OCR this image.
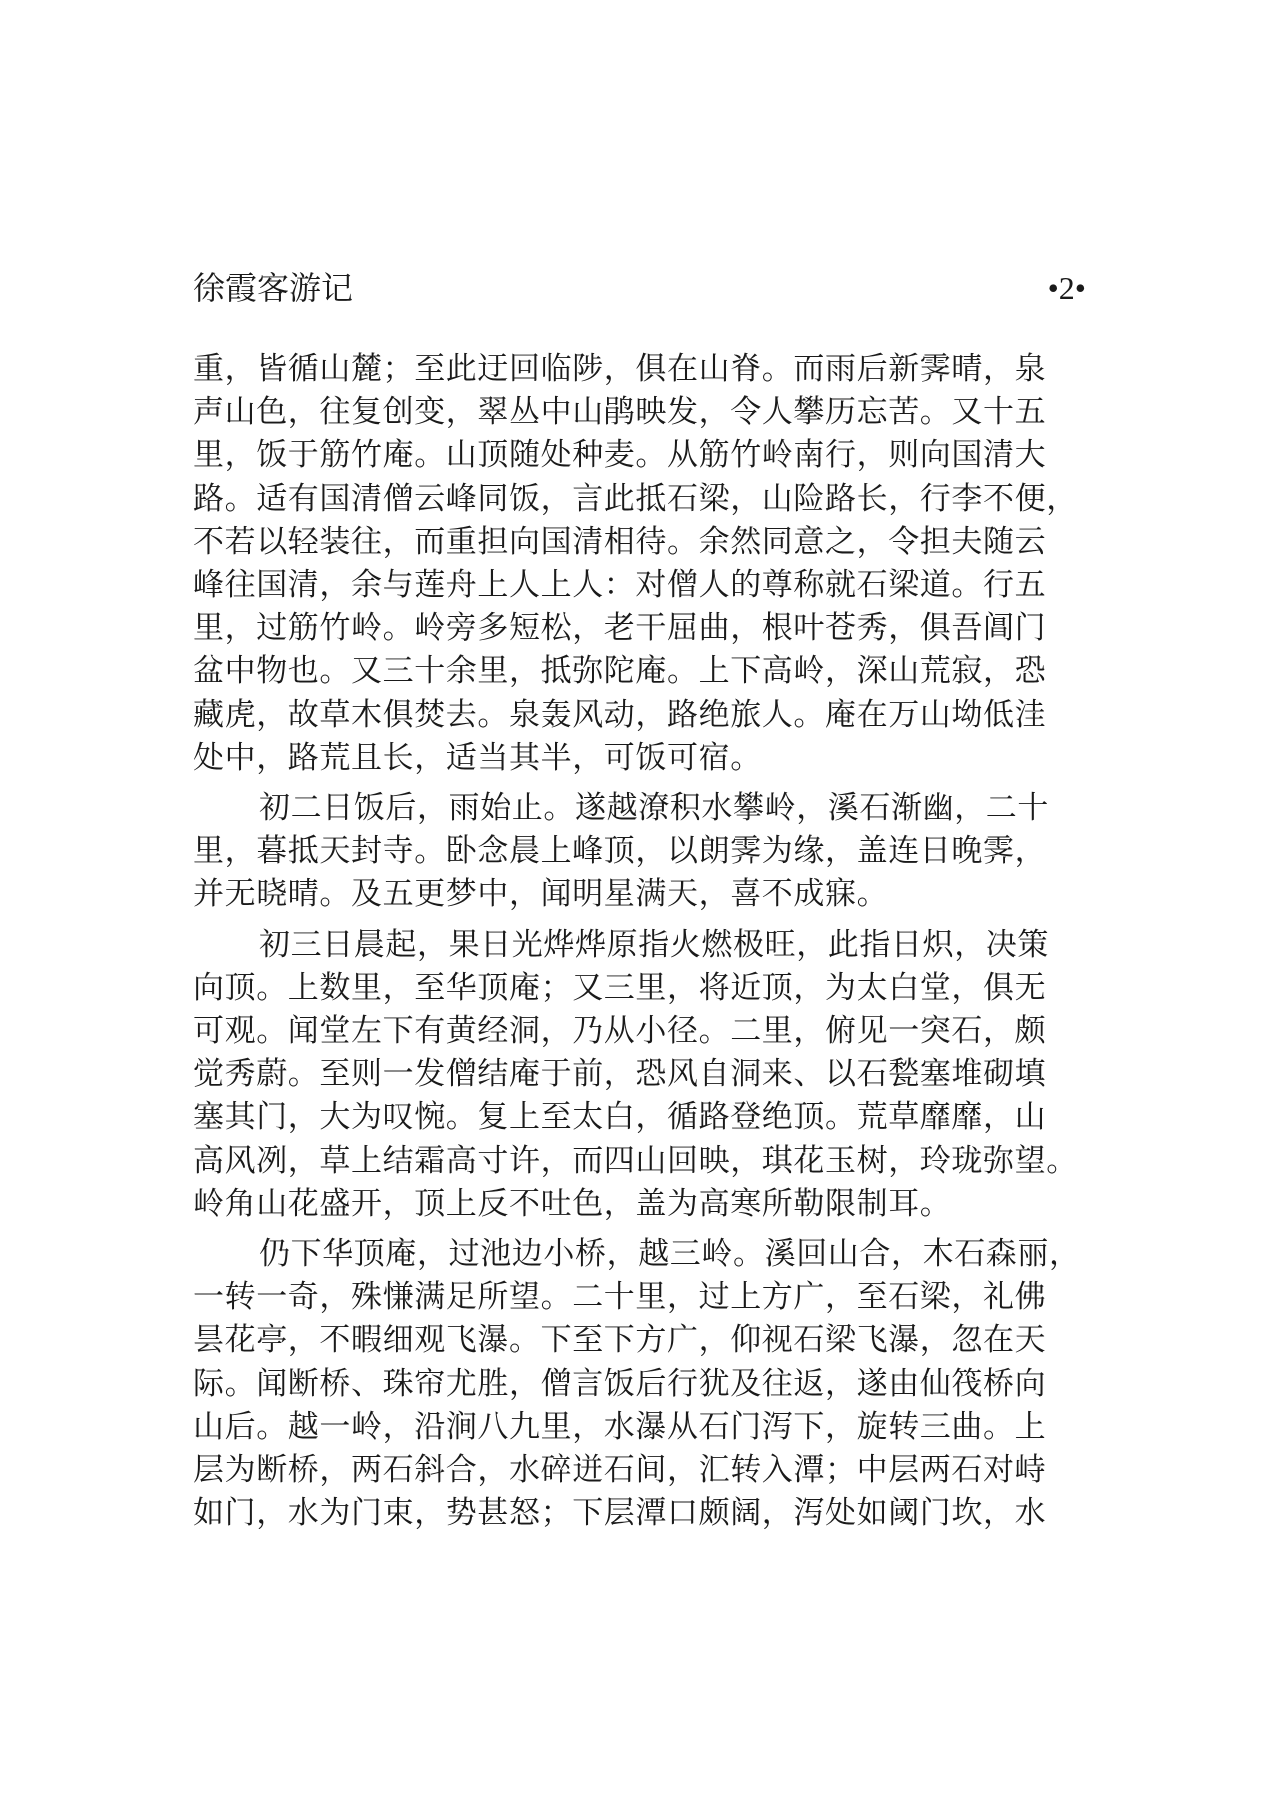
徐霞客游记	•2•

重，皆循山麓；至此迂回临陟，俱在山脊。而雨后新霁晴，泉
声山色，往复创变，翠丛中山鹃映发，令人攀历忘苦。又十五
里，饭于筋竹庵。山顶随处种麦。从筋竹岭南行，则向国清大
路。适有国清僧云峰同饭，言此抵石梁，山险路长，行李不便，
不若以轻装往，而重担向国清相待。余然同意之，令担夫随云
峰往国清，余与莲舟上人上人：对僧人的尊称就石梁道。行五
里，过筋竹岭。岭旁多短松，老干屈曲，根叶苍秀，俱吾阊门
盆中物也。又三十余里，抵弥陀庵。上下高岭，深山荒寂，恐
藏虎，故草木俱焚去。泉轰风动，路绝旅人。庵在万山坳低洼
处中，路荒且长，适当其半，可饭可宿。

初二日饭后，雨始止。遂越潦积水攀岭，溪石渐幽，二十
里，暮抵天封寺。卧念晨上峰顶，以朗霁为缘，盖连日晚霁，
并无晓晴。及五更梦中，闻明星满天，喜不成寐。

初三日晨起，果日光烨烨原指火燃极旺，此指日炽，决策
向顶。上数里，至华顶庵；又三里，将近顶，为太白堂，俱无
可观。闻堂左下有黄经洞，乃从小径。二里，俯见一突石，颇
觉秀蔚。至则一发僧结庵于前，恐风自洞来、以石甃塞堆砌填
塞其门，大为叹惋。复上至太白，循路登绝顶。荒草靡靡，山
高风冽，草上结霜高寸许，而四山回映，琪花玉树，玲珑弥望。
岭角山花盛开，顶上反不吐色，盖为高寒所勒限制耳。

仍下华顶庵，过池边小桥，越三岭。溪回山合，木石森丽，
一转一奇，殊慊满足所望。二十里，过上方广，至石梁，礼佛
昙花亭，不暇细观飞瀑。下至下方广，仰视石梁飞瀑，忽在天
际。闻断桥、珠帘尤胜，僧言饭后行犹及往返，遂由仙筏桥向
山后。越一岭，沿涧八九里，水瀑从石门泻下，旋转三曲。上
层为断桥，两石斜合，水碎迸石间，汇转入潭；中层两石对峙
如门，水为门束，势甚怒；下层潭口颇阔，泻处如阈门坎，水
